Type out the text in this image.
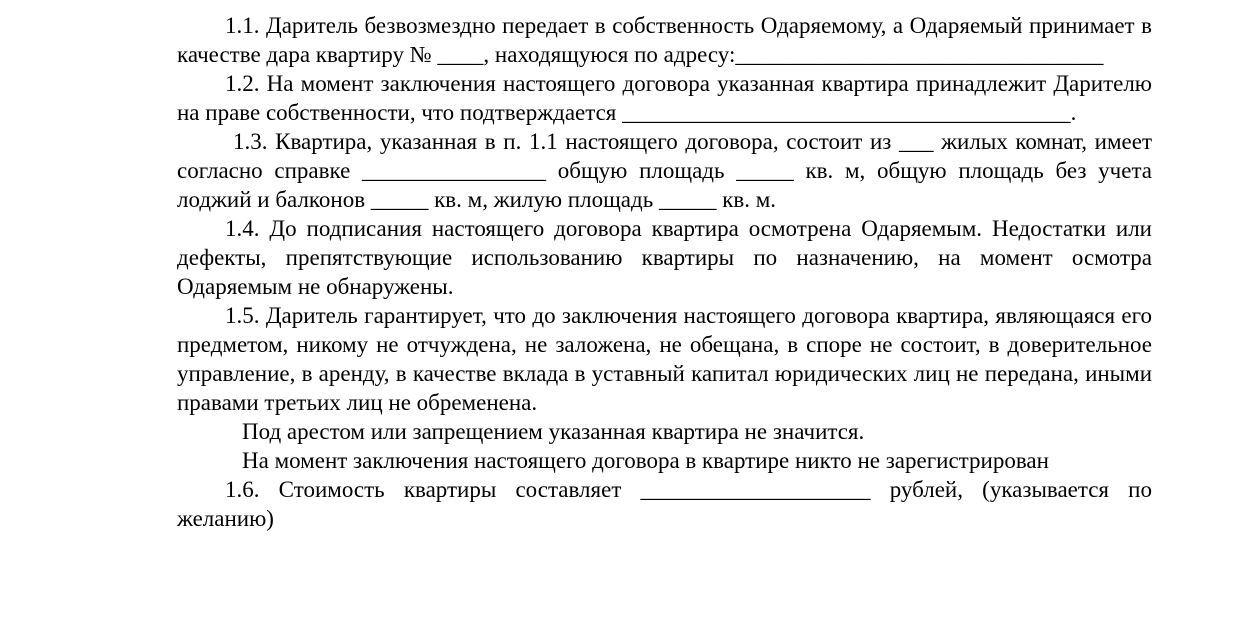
1.1. Даритель безвозмездно передает в собственность Одаряемому, а Одаряемый принимает в качестве дара квартиру № ____, находящуюся по адресу:________________________________

1.2. На момент заключения настоящего договора указанная квартира принадлежит Дарителю на праве собственности, что подтверждается _______________________________________.

1.3. Квартира, указанная в п. 1.1 настоящего договора, состоит из ___ жилых комнат, имеет согласно справке ________________ общую площадь _____ кв. м, общую площадь без учета лоджий и балконов _____ кв. м, жилую площадь _____ кв. м.

1.4. До подписания настоящего договора квартира осмотрена Одаряемым. Недостатки или дефекты, препятствующие использованию квартиры по назначению, на момент осмотра Одаряемым не обнаружены.

1.5. Даритель гарантирует, что до заключения настоящего договора квартира, являющаяся его предметом, никому не отчуждена, не заложена, не обещана, в споре не состоит, в доверительное управление, в аренду, в качестве вклада в уставный капитал юридических лиц не передана, иными правами третьих лиц не обременена.

Под арестом или запрещением указанная квартира не значится.

На момент заключения настоящего договора в квартире никто не зарегистрирован

1.6. Стоимость квартиры составляет ____________________ рублей, (указывается по желанию)
